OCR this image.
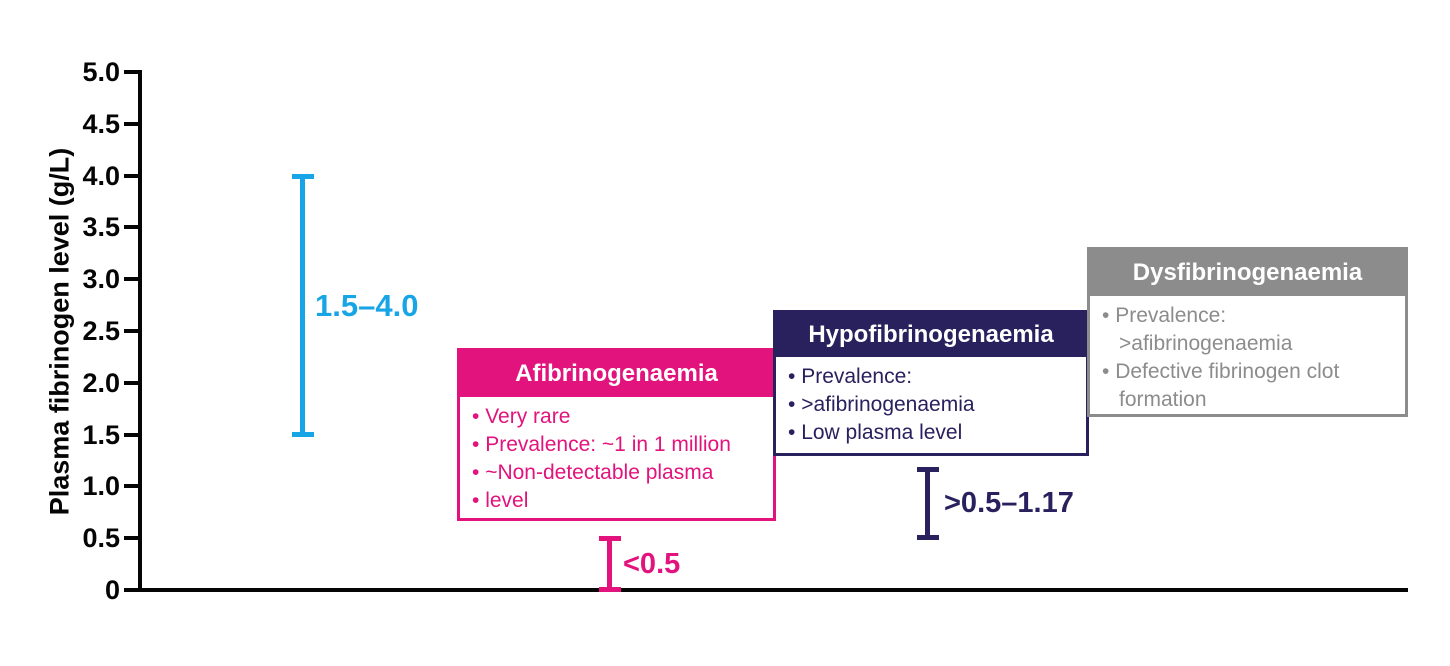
Plasma fibrinogen level (g/L)
Normal plasma level in a healthy person
Afibrinogenaemia
• Very rare
• Prevalence: ~1 in 1 million
• ~Non-detectable plasma
• level
Hypofibrinogenaemia
• Prevalence:
• >afibrinogenaemia
• Low plasma level
Dysfibrinogenaemia
• Prevalence: >afibrinogenaemia
• Defective fibrinogen clot formation
1.5–4.0
<0.5
>0.5–1.17
5.0
4.5
4.0
3.5
3.0
2.5
2.0
1.5
1.0
0.5
0
